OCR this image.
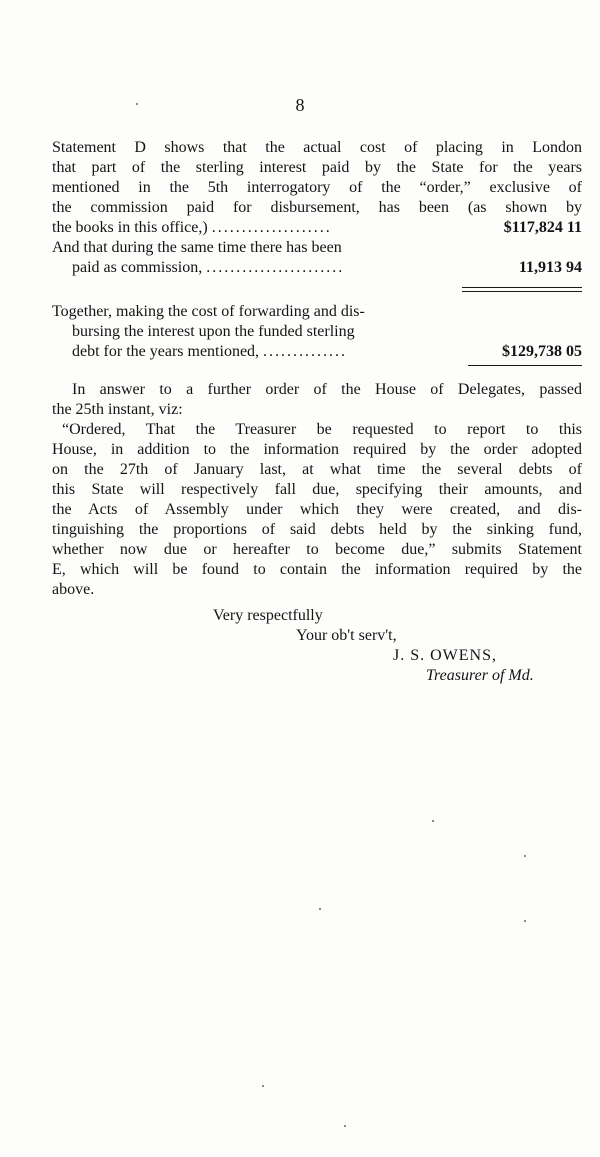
8
Statement D shows that the actual cost of placing in London
that part of the sterling interest paid by the State for the years
mentioned in the 5th interrogatory of the “order,” exclusive of
the commission paid for disbursement, has been (as shown by
the books in this office,) ....................	$117,824 11
And that during the same time there has been
paid as commission, .......................	11,913 94
Together, making the cost of forwarding and dis-
bursing the interest upon the funded sterling
debt for the years mentioned, ..............	$129,738 05
In answer to a further order of the House of Delegates, passed
the 25th instant, viz:
“Ordered, That the Treasurer be requested to report to this
House, in addition to the information required by the order adopted
on the 27th of January last, at what time the several debts of
this State will respectively fall due, specifying their amounts, and
the Acts of Assembly under which they were created, and dis-
tinguishing the proportions of said debts held by the sinking fund,
whether now due or hereafter to become due,” submits Statement
E, which will be found to contain the information required by the
above.
Very respectfully
Your ob't serv't,
J. S. OWENS,
Treasurer of Md.
